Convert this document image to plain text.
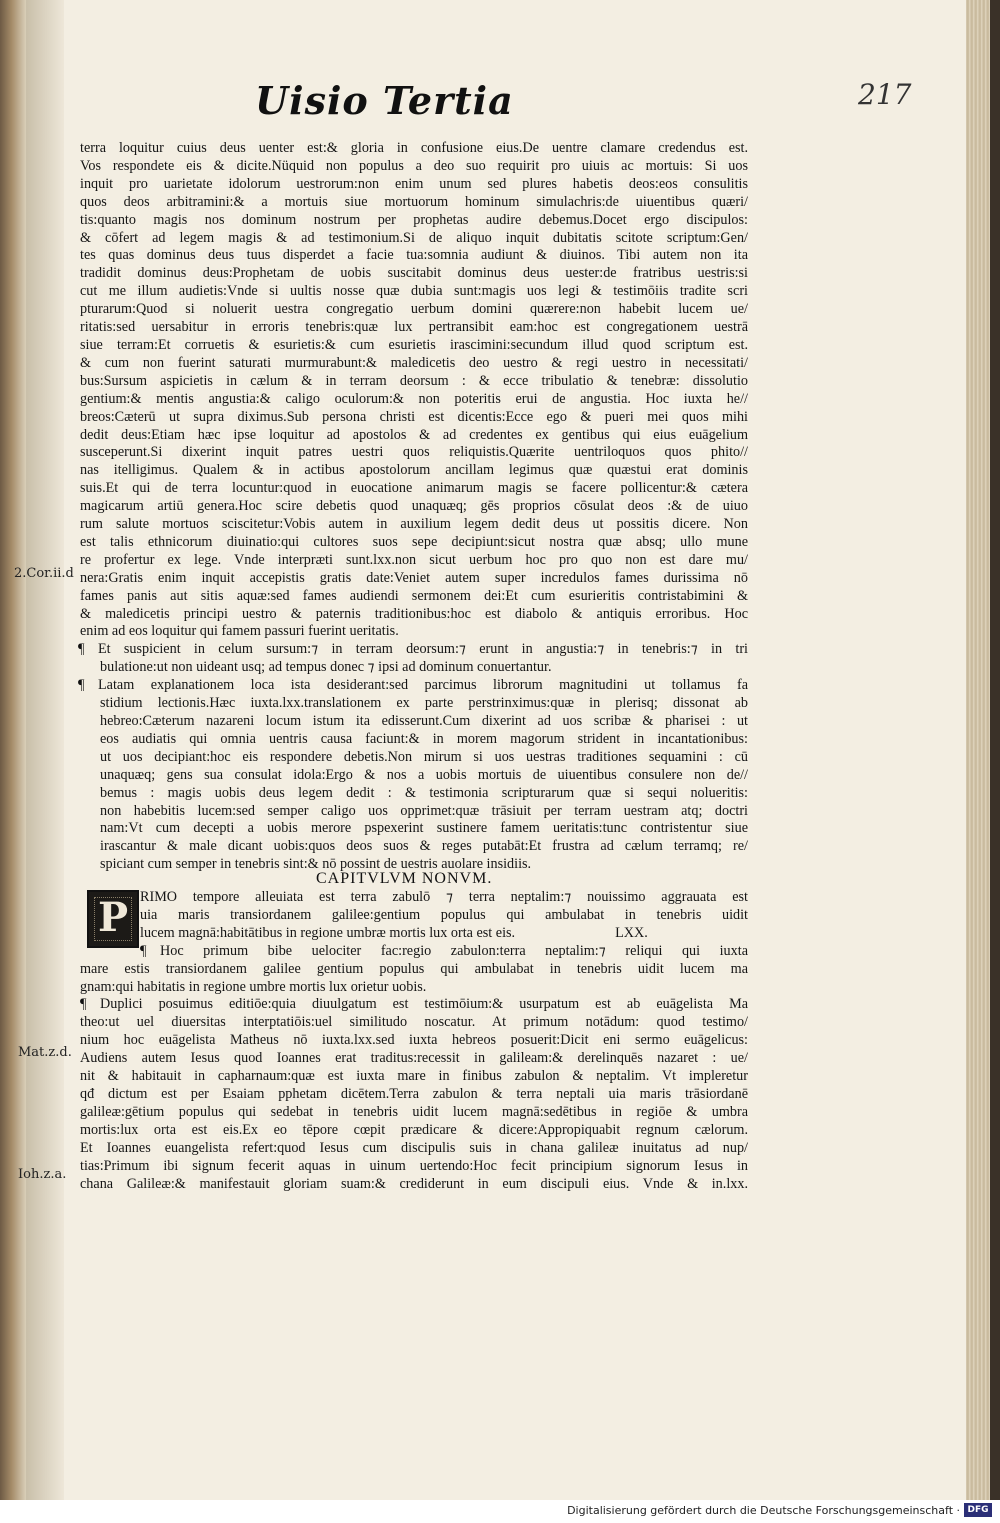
Uisio Tertia	217
terra loquitur cuius deus uenter est:& gloria in confusione eius.De uentre clamare credendus est.
Vos respondete eis & dicite.Nüquid non populus a deo suo requirit pro uiuis ac mortuis: Si uos
inquit pro uarietate idolorum uestrorum:non enim unum sed plures habetis deos:eos consulitis
quos deos arbitramini:& a mortuis siue mortuorum hominum simulachris:de uiuentibus quæri/
tis:quanto magis nos dominum nostrum per prophetas audire debemus.Docet ergo discipulos:
& cōfert ad legem magis & ad testimonium.Si de aliquo inquit dubitatis scitote scriptum:Gen/
tes quas dominus deus tuus disperdet a facie tua:somnia audiunt & diuinos. Tibi autem non ita
tradidit dominus deus:Prophetam de uobis suscitabit dominus deus uester:de fratribus uestris:si
cut me illum audietis:Vnde si uultis nosse quæ dubia sunt:magis uos legi & testimōiis tradite scri
pturarum:Quod si noluerit uestra congregatio uerbum domini quærere:non habebit lucem ue/
ritatis:sed uersabitur in erroris tenebris:quæ lux pertransibit eam:hoc est congregationem uestrā
siue terram:Et corruetis & esurietis:& cum esurietis irascimini:secundum illud quod scriptum est.
& cum non fuerint saturati murmurabunt:& maledicetis deo uestro & regi uestro in necessitati/
bus:Sursum aspicietis in cælum & in terram deorsum : & ecce tribulatio & tenebræ: dissolutio
gentium:& mentis angustia:& caligo oculorum:& non poteritis erui de angustia. Hoc iuxta he//
breos:Cæterū ut supra diximus.Sub persona christi est dicentis:Ecce ego & pueri mei quos mihi
dedit deus:Etiam hæc ipse loquitur ad apostolos & ad credentes ex gentibus qui eius euāgelium
susceperunt.Si dixerint inquit patres uestri quos reliquistis.Quærite uentriloquos quos phito//
nas itelligimus. Qualem & in actibus apostolorum ancillam legimus quæ quæstui erat dominis
suis.Et qui de terra locuntur:quod in euocatione animarum magis se facere pollicentur:& cætera
magicarum artiū genera.Hoc scire debetis quod unaquæq; gēs proprios cōsulat deos :& de uiuo
rum salute mortuos sciscitetur:Vobis autem in auxilium legem dedit deus ut possitis dicere. Non
est talis ethnicorum diuinatio:qui cultores suos sepe decipiunt:sicut nostra quæ absq; ullo mune
re profertur ex lege. Vnde interpræti sunt.lxx.non sicut uerbum hoc pro quo non est dare mu/
nera:Gratis enim inquit accepistis gratis date:Veniet autem super incredulos fames durissima nō
fames panis aut sitis aquæ:sed fames audiendi sermonem dei:Et cum esurieritis contristabimini &
& maledicetis principi uestro & paternis traditionibus:hoc est diabolo & antiquis erroribus. Hoc
enim ad eos loquitur qui famem passuri fuerint ueritatis.
¶ Et suspicient in celum sursum:⁊ in terram deorsum:⁊ erunt in angustia:⁊ in tenebris:⁊ in tri
bulatione:ut non uideant usq; ad tempus donec ⁊ ipsi ad dominum conuertantur.
¶ Latam explanationem loca ista desiderant:sed parcimus librorum magnitudini ut tollamus fa
stidium lectionis.Hæc iuxta.lxx.translationem ex parte perstrinximus:quæ in plerisq; dissonat ab
hebreo:Cæterum nazareni locum istum ita edisserunt.Cum dixerint ad uos scribæ & pharisei : ut
eos audiatis qui omnia uentris causa faciunt:& in morem magorum strident in incantationibus:
ut uos decipiant:hoc eis respondere debetis.Non mirum si uos uestras traditiones sequamini : cū
unaquæq; gens sua consulat idola:Ergo & nos a uobis mortuis de uiuentibus consulere non de//
bemus : magis uobis deus legem dedit : & testimonia scripturarum quæ si sequi nolueritis:
non habebitis lucem:sed semper caligo uos opprimet:quæ trāsiuit per terram uestram atq; doctri
nam:Vt cum decepti a uobis merore pspexerint sustinere famem ueritatis:tunc contristentur siue
irascantur & male dicant uobis:quos deos suos & reges putabāt:Et frustra ad cælum terramq; re/
spiciant cum semper in tenebris sint:& nō possint de uestris auolare insidiis.
CAPITVLVM NONVM.
P RIMO tempore alleuiata est terra zabulō ⁊ terra neptalim:⁊ nouissimo aggrauata est
uia maris transiordanem galilee:gentium populus qui ambulabat in tenebris uidit
lucem magnā:habitātibus in regione umbræ mortis lux orta est eis.	LXX.
¶ Hoc primum bibe uelociter fac:regio zabulon:terra neptalim:⁊ reliqui qui iuxta
mare estis transiordanem galilee gentium populus qui ambulabat in tenebris uidit lucem ma
gnam:qui habitatis in regione umbre mortis lux orietur uobis.
¶ Duplici posuimus editiōe:quia diuulgatum est testimōium:& usurpatum est ab euāgelista Ma
theo:ut uel diuersitas interptatiōis:uel similitudo noscatur. At primum notādum: quod testimo/
nium hoc euāgelista Matheus nō iuxta.lxx.sed iuxta hebreos posuerit:Dicit eni sermo euāgelicus:
Audiens autem Iesus quod Ioannes erat traditus:recessit in galileam:& derelinquēs nazaret : ue/
nit & habitauit in capharnaum:quæ est iuxta mare in finibus zabulon & neptalim. Vt impleretur
qđ dictum est per Esaiam pphetam dicētem.Terra zabulon & terra neptali uia maris trāsiordanē
galileæ:gētium populus qui sedebat in tenebris uidit lucem magnā:sedētibus in regiōe & umbra
mortis:lux orta est eis.Ex eo tēpore cœpit prædicare & dicere:Appropiquabit regnum cælorum.
Et Ioannes euangelista refert:quod Iesus cum discipulis suis in chana galileæ inuitatus ad nup/
tias:Primum ibi signum fecerit aquas in uinum uertendo:Hoc fecit principium signorum Iesus in
chana Galileæ:& manifestauit gloriam suam:& crediderunt in eum discipuli eius. Vnde & in.lxx.
2.Cor.ii.d
Mat.z.d.
Ioh.z.a.
Digitalisierung gefördert durch die Deutsche Forschungsgemeinschaft · DFG
